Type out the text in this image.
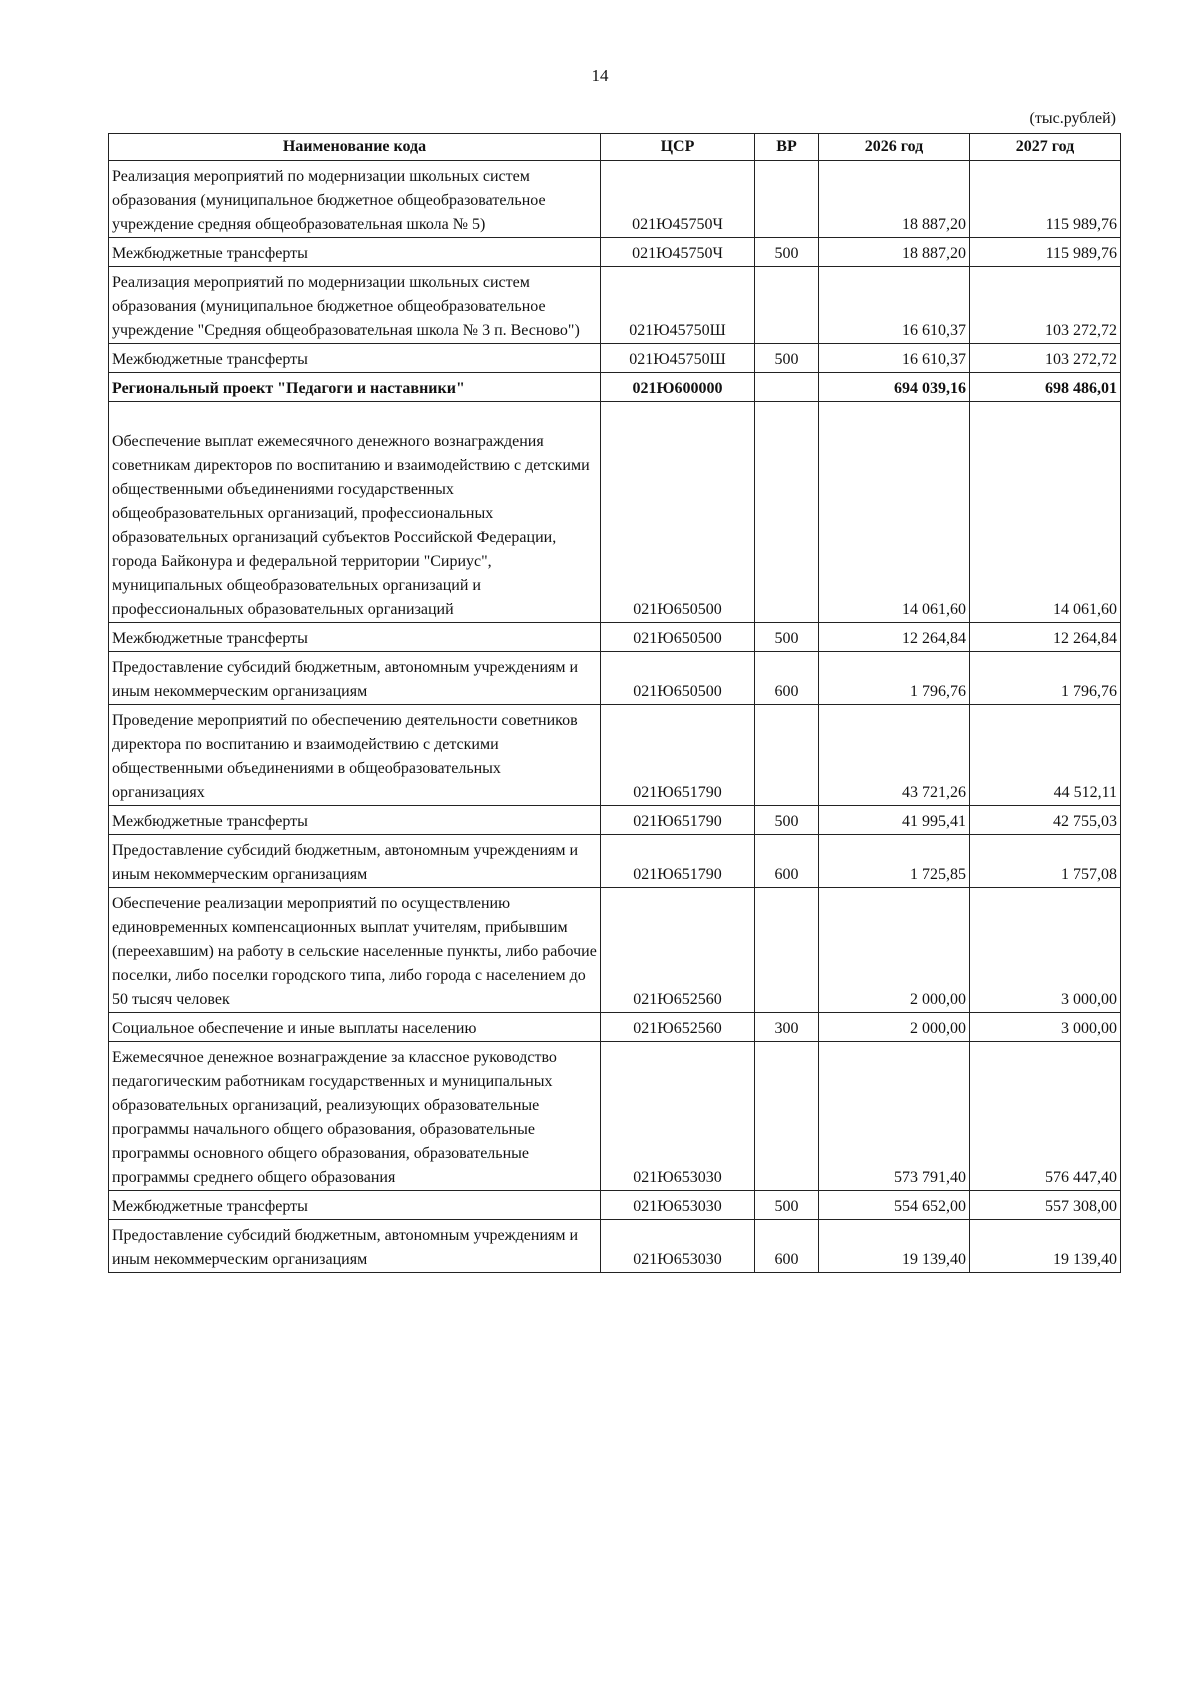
14
(тыс.рублей)
Наименование кода	ЦСР	ВР	2026 год	2027 год
Реализация мероприятий по модернизации школьных систем образования (муниципальное бюджетное общеобразовательное учреждение средняя общеобразовательная школа № 5)	021Ю45750Ч		18 887,20	115 989,76
Межбюджетные трансферты	021Ю45750Ч	500	18 887,20	115 989,76
Реализация мероприятий по модернизации школьных систем образования (муниципальное бюджетное общеобразовательное учреждение "Средняя общеобразовательная школа № 3 п. Весново")	021Ю45750Ш		16 610,37	103 272,72
Межбюджетные трансферты	021Ю45750Ш	500	16 610,37	103 272,72
Региональный проект "Педагоги и наставники"	021Ю600000		694 039,16	698 486,01
Обеспечение выплат ежемесячного денежного вознаграждения советникам директоров по воспитанию и взаимодействию с детскими общественными объединениями государственных общеобразовательных организаций, профессиональных образовательных организаций субъектов Российской Федерации, города Байконура и федеральной территории "Сириус", муниципальных общеобразовательных организаций и профессиональных образовательных организаций	021Ю650500		14 061,60	14 061,60
Межбюджетные трансферты	021Ю650500	500	12 264,84	12 264,84
Предоставление субсидий бюджетным, автономным учреждениям и иным некоммерческим организациям	021Ю650500	600	1 796,76	1 796,76
Проведение мероприятий по обеспечению деятельности советников директора по воспитанию и взаимодействию с детскими общественными объединениями в общеобразовательных организациях	021Ю651790		43 721,26	44 512,11
Межбюджетные трансферты	021Ю651790	500	41 995,41	42 755,03
Предоставление субсидий бюджетным, автономным учреждениям и иным некоммерческим организациям	021Ю651790	600	1 725,85	1 757,08
Обеспечение реализации мероприятий по осуществлению единовременных компенсационных выплат учителям, прибывшим (переехавшим) на работу в сельские населенные пункты, либо рабочие поселки, либо поселки городского типа, либо города с населением до 50 тысяч человек	021Ю652560		2 000,00	3 000,00
Социальное обеспечение и иные выплаты населению	021Ю652560	300	2 000,00	3 000,00
Ежемесячное денежное вознаграждение за классное руководство педагогическим работникам государственных и муниципальных образовательных организаций, реализующих образовательные программы начального общего образования, образовательные программы основного общего образования, образовательные программы среднего общего образования	021Ю653030		573 791,40	576 447,40
Межбюджетные трансферты	021Ю653030	500	554 652,00	557 308,00
Предоставление субсидий бюджетным, автономным учреждениям и иным некоммерческим организациям	021Ю653030	600	19 139,40	19 139,40
